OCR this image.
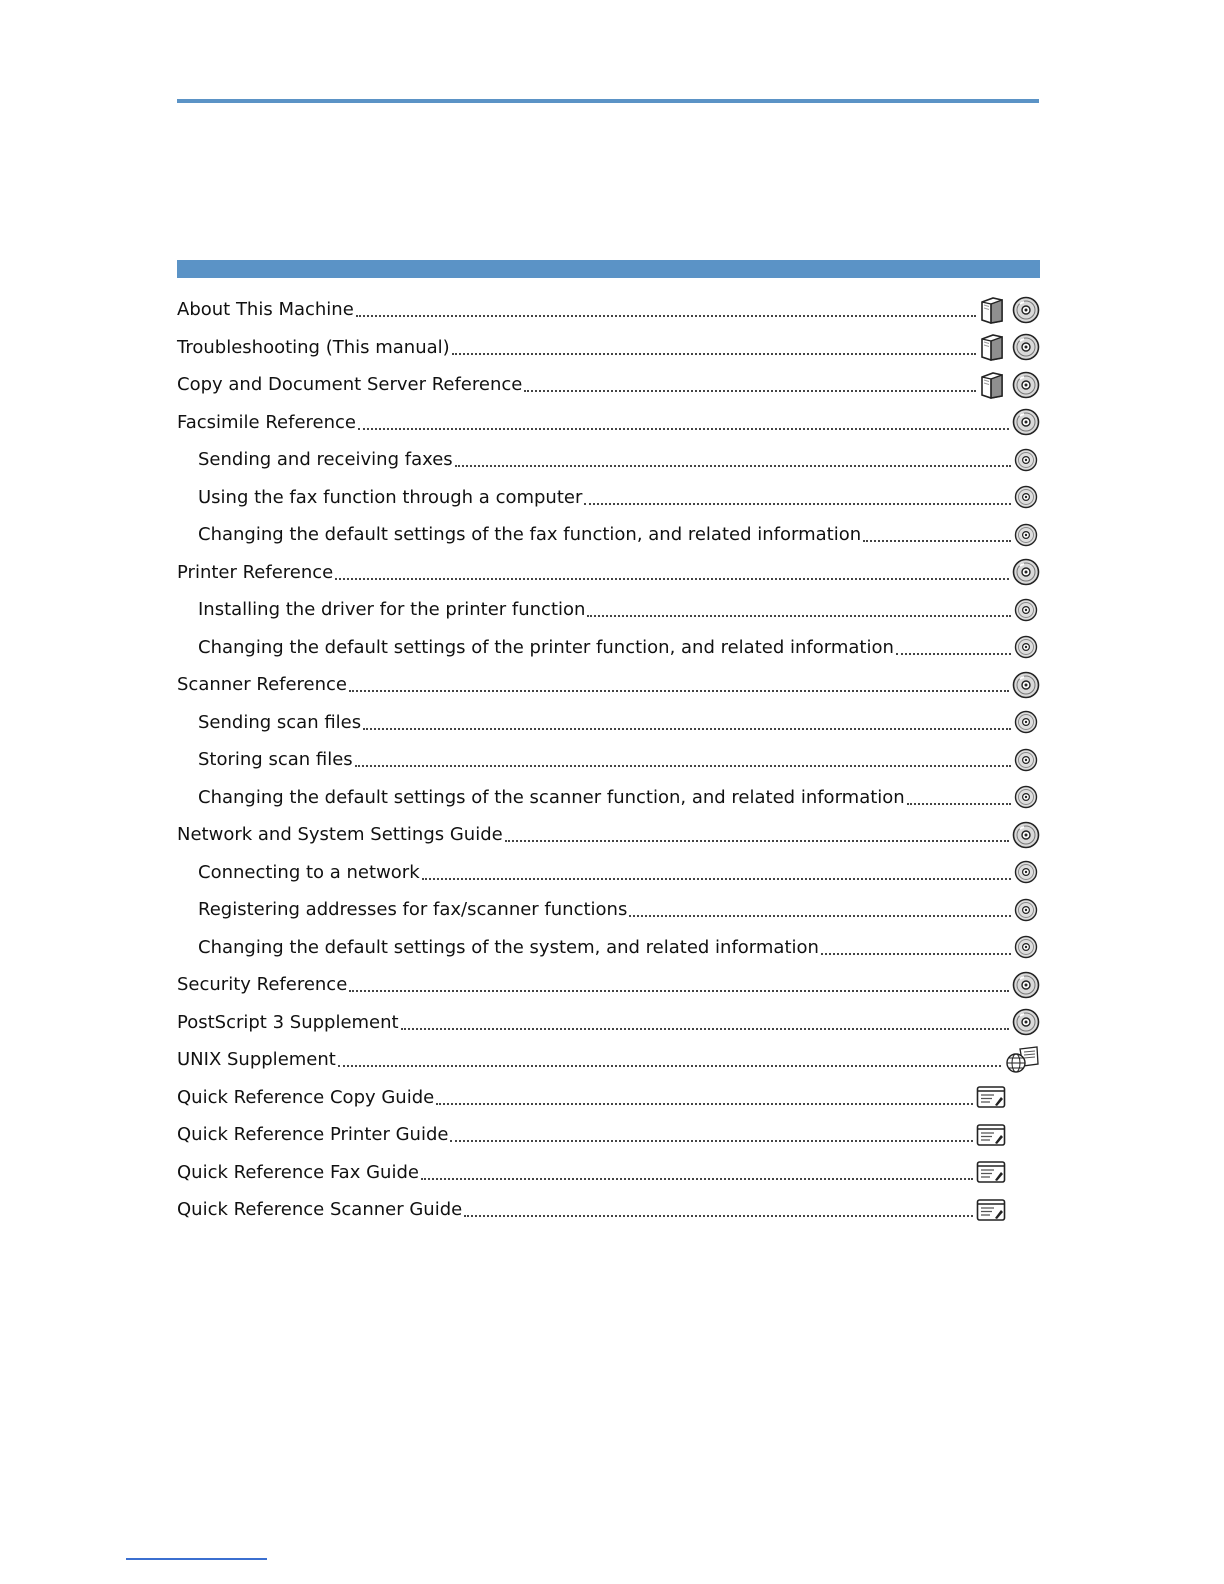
About This Machine
Troubleshooting (This manual)
Copy and Document Server Reference
Facsimile Reference
Sending and receiving faxes
Using the fax function through a computer
Changing the default settings of the fax function, and related information
Printer Reference
Installing the driver for the printer function
Changing the default settings of the printer function, and related information
Scanner Reference
Sending scan files
Storing scan files
Changing the default settings of the scanner function, and related information
Network and System Settings Guide
Connecting to a network
Registering addresses for fax/scanner functions
Changing the default settings of the system, and related information
Security Reference
PostScript 3 Supplement
UNIX Supplement
Quick Reference Copy Guide
Quick Reference Printer Guide
Quick Reference Fax Guide
Quick Reference Scanner Guide
